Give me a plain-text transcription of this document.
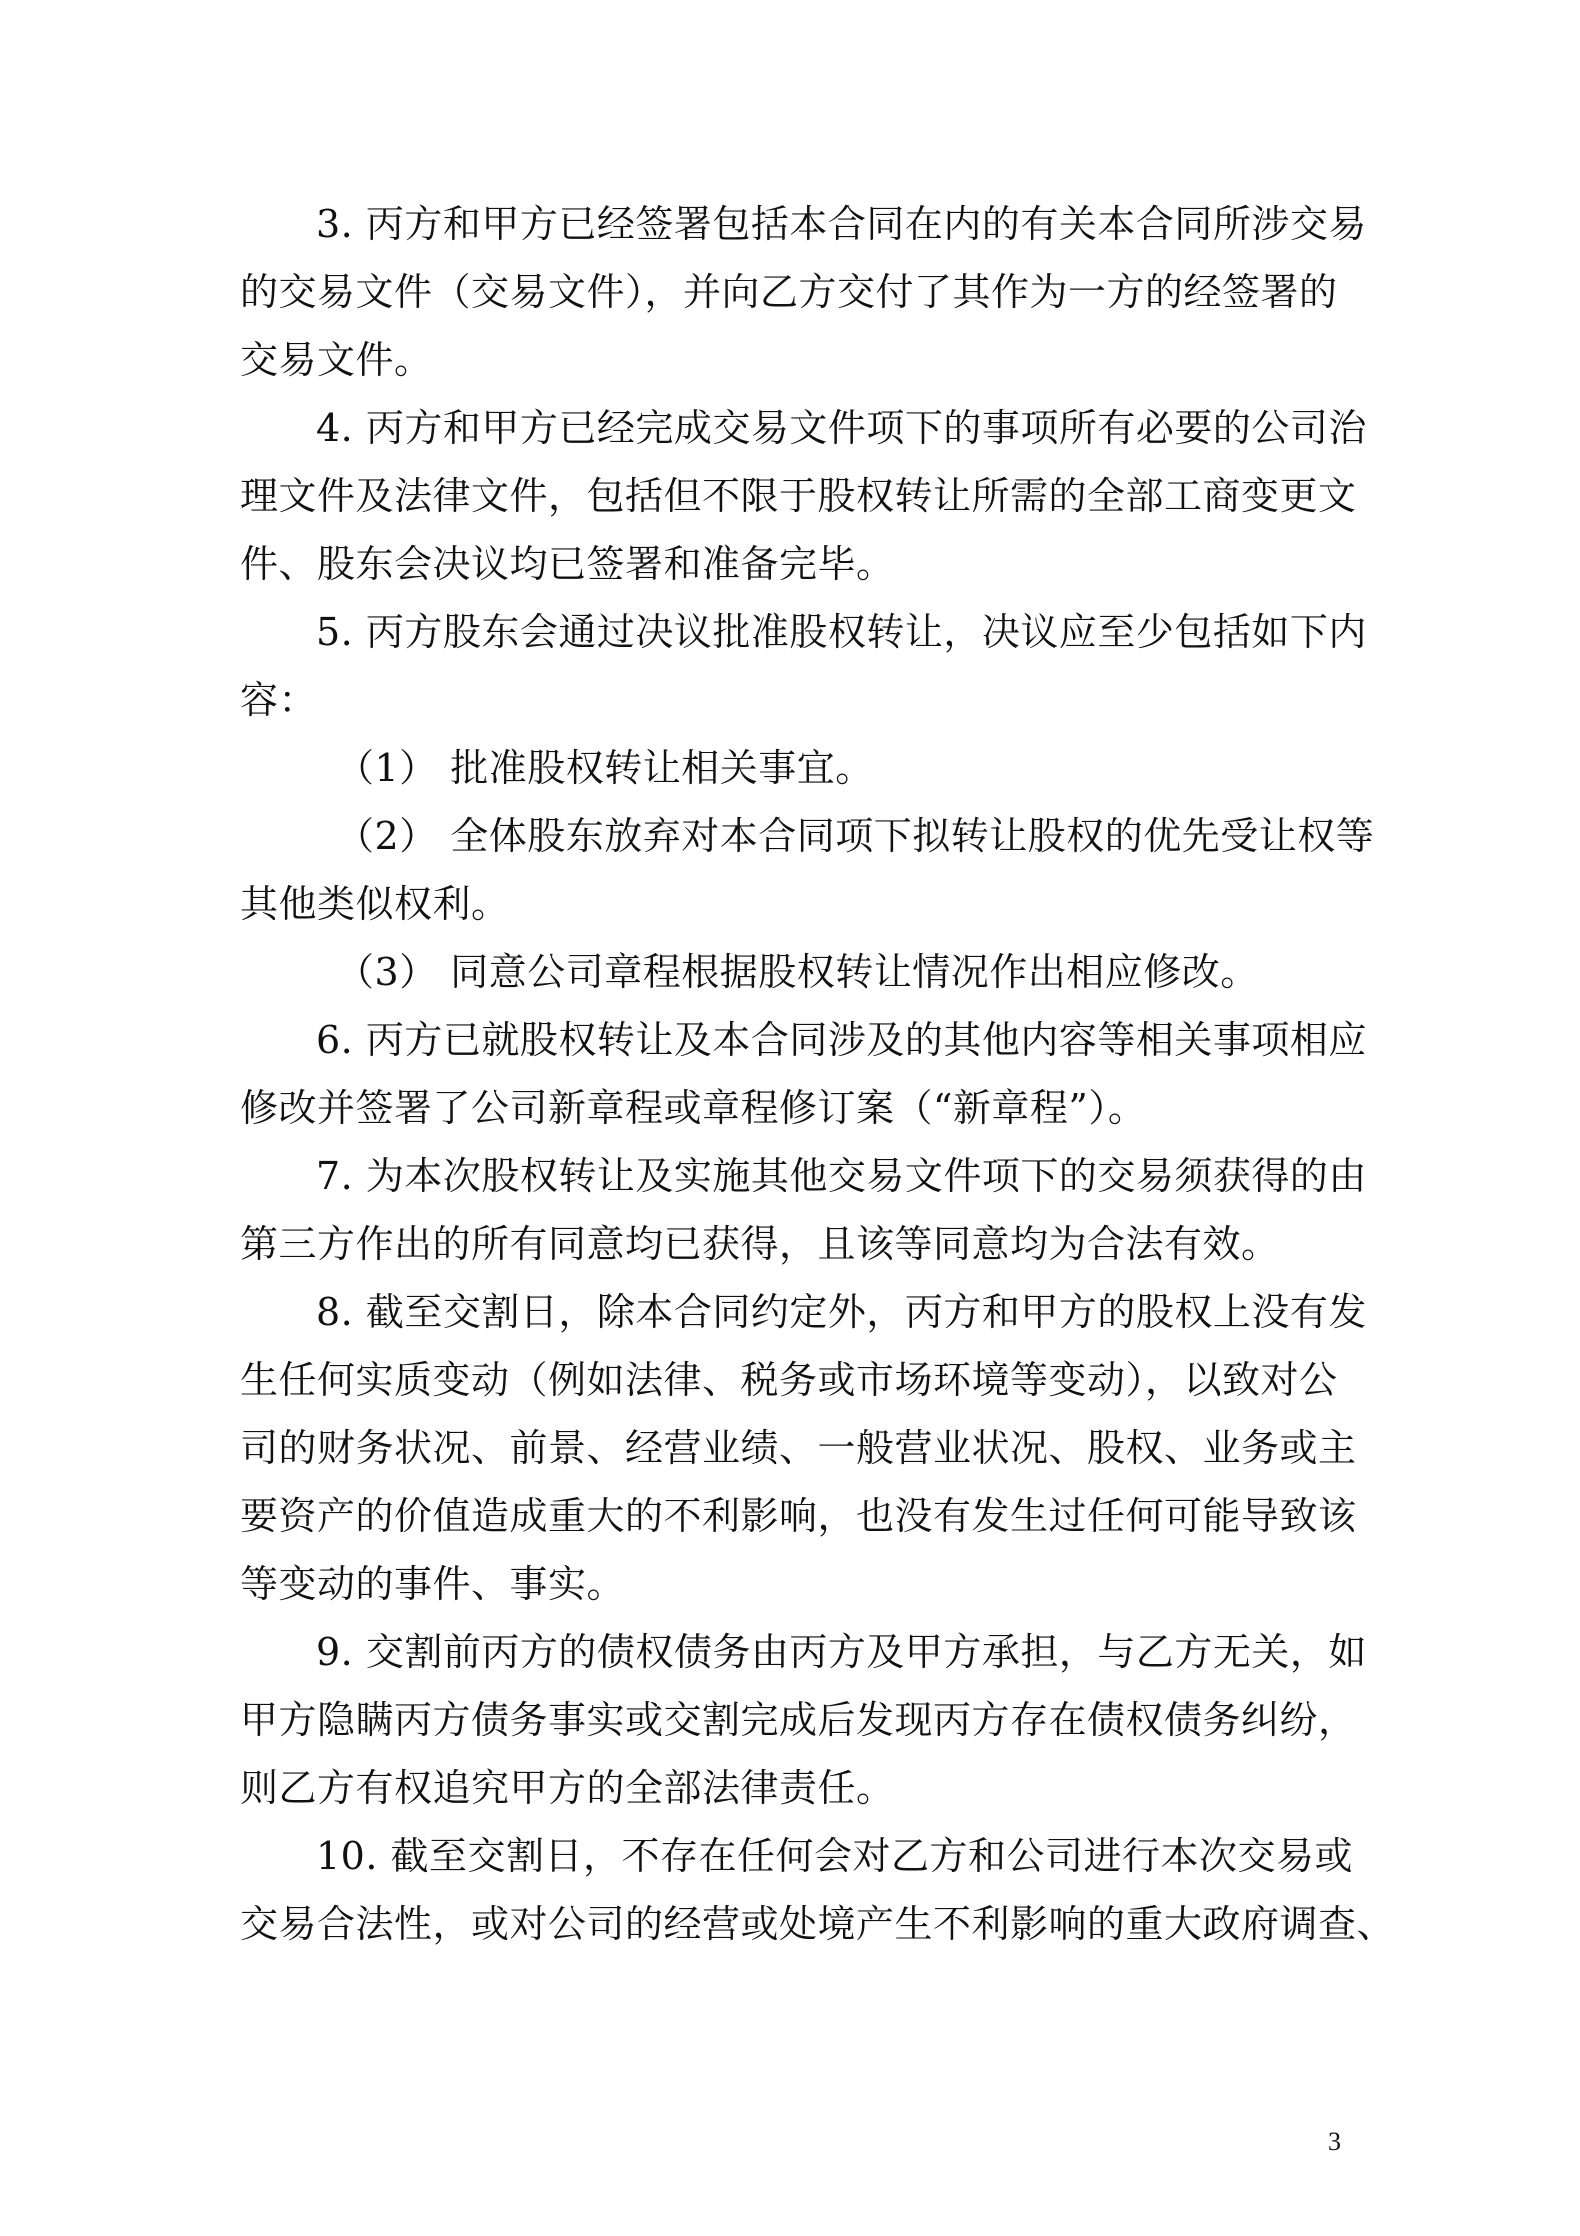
3. 丙方和甲方已经签署包括本合同在内的有关本合同所涉交易
的交易文件（交易文件），并向乙方交付了其作为一方的经签署的
交易文件。
4. 丙方和甲方已经完成交易文件项下的事项所有必要的公司治
理文件及法律文件，包括但不限于股权转让所需的全部工商变更文
件、股东会决议均已签署和准备完毕。
5. 丙方股东会通过决议批准股权转让，决议应至少包括如下内
容：
（1） 批准股权转让相关事宜。
（2） 全体股东放弃对本合同项下拟转让股权的优先受让权等
其他类似权利。
（3） 同意公司章程根据股权转让情况作出相应修改。
6. 丙方已就股权转让及本合同涉及的其他内容等相关事项相应
修改并签署了公司新章程或章程修订案（“新章程”）。
7. 为本次股权转让及实施其他交易文件项下的交易须获得的由
第三方作出的所有同意均已获得，且该等同意均为合法有效。
8. 截至交割日，除本合同约定外，丙方和甲方的股权上没有发
生任何实质变动（例如法律、税务或市场环境等变动），以致对公
司的财务状况、前景、经营业绩、一般营业状况、股权、业务或主
要资产的价值造成重大的不利影响，也没有发生过任何可能导致该
等变动的事件、事实。
9. 交割前丙方的债权债务由丙方及甲方承担，与乙方无关，如
甲方隐瞒丙方债务事实或交割完成后发现丙方存在债权债务纠纷，
则乙方有权追究甲方的全部法律责任。
10. 截至交割日，不存在任何会对乙方和公司进行本次交易或
交易合法性，或对公司的经营或处境产生不利影响的重大政府调查、
3
